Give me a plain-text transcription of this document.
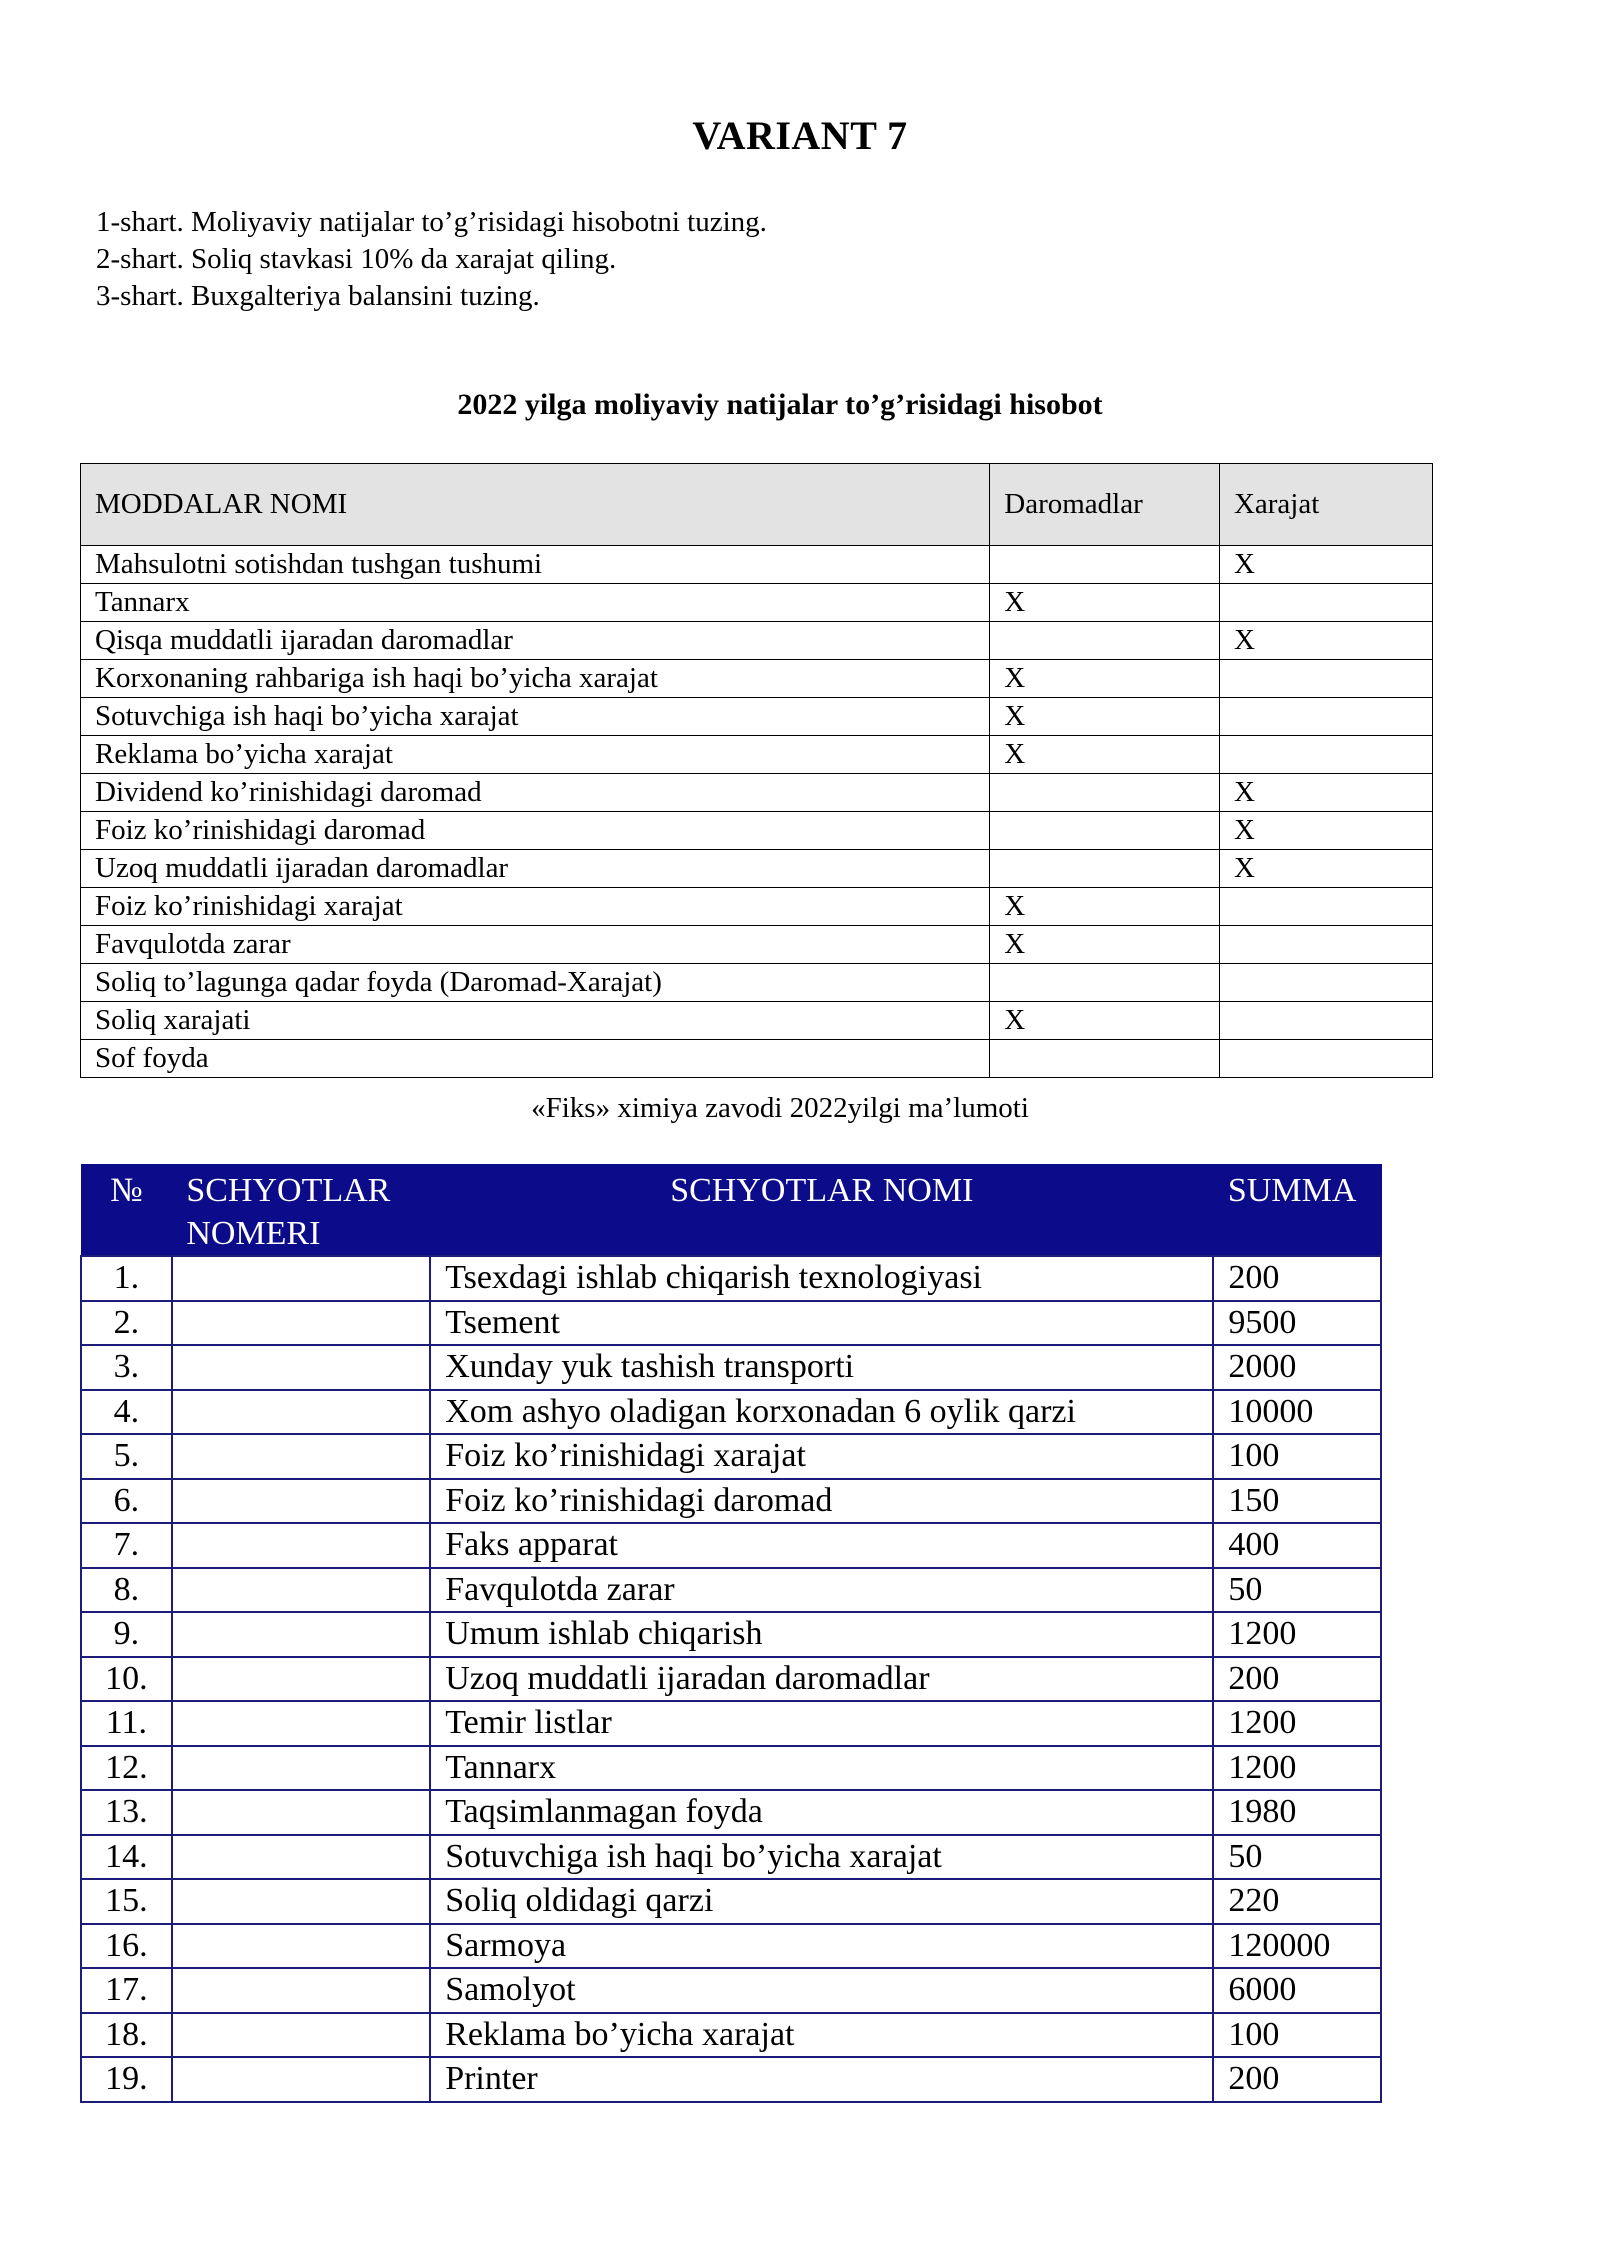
VARIANT 7
1-shart. Moliyaviy natijalar to’g’risidagi hisobotni tuzing.
2-shart. Soliq stavkasi 10% da xarajat qiling.
3-shart. Buxgalteriya balansini tuzing.
2022 yilga moliyaviy natijalar to’g’risidagi hisobot
MODDALAR NOMI	Daromadlar	Xarajat
Mahsulotni sotishdan tushgan tushumi		X
Tannarx	X	
Qisqa muddatli ijaradan daromadlar		X
Korxonaning rahbariga ish haqi bo’yicha xarajat	X	
Sotuvchiga ish haqi bo’yicha xarajat	X	
Reklama bo’yicha xarajat	X	
Dividend ko’rinishidagi daromad		X
Foiz ko’rinishidagi daromad		X
Uzoq muddatli ijaradan daromadlar		X
Foiz ko’rinishidagi xarajat	X	
Favqulotda zarar	X	
Soliq to’lagunga qadar foyda (Daromad-Xarajat)		
Soliq xarajati	X	
Sof foyda		
«Fiks» ximiya zavodi 2022yilgi ma’lumoti
№	SCHYOTLAR NOMERI	SCHYOTLAR NOMI	SUMMA
1.		Tsexdagi ishlab chiqarish texnologiyasi	200
2.		Tsement	9500
3.		Xunday yuk tashish transporti	2000
4.		Xom ashyo oladigan korxonadan 6 oylik qarzi	10000
5.		Foiz ko’rinishidagi xarajat	100
6.		Foiz ko’rinishidagi daromad	150
7.		Faks apparat	400
8.		Favqulotda zarar	50
9.		Umum ishlab chiqarish	1200
10.		Uzoq muddatli ijaradan daromadlar	200
11.		Temir listlar	1200
12.		Tannarx	1200
13.		Taqsimlanmagan foyda	1980
14.		Sotuvchiga ish haqi bo’yicha xarajat	50
15.		Soliq oldidagi qarzi	220
16.		Sarmoya	120000
17.		Samolyot	6000
18.		Reklama bo’yicha xarajat	100
19.		Printer	200
